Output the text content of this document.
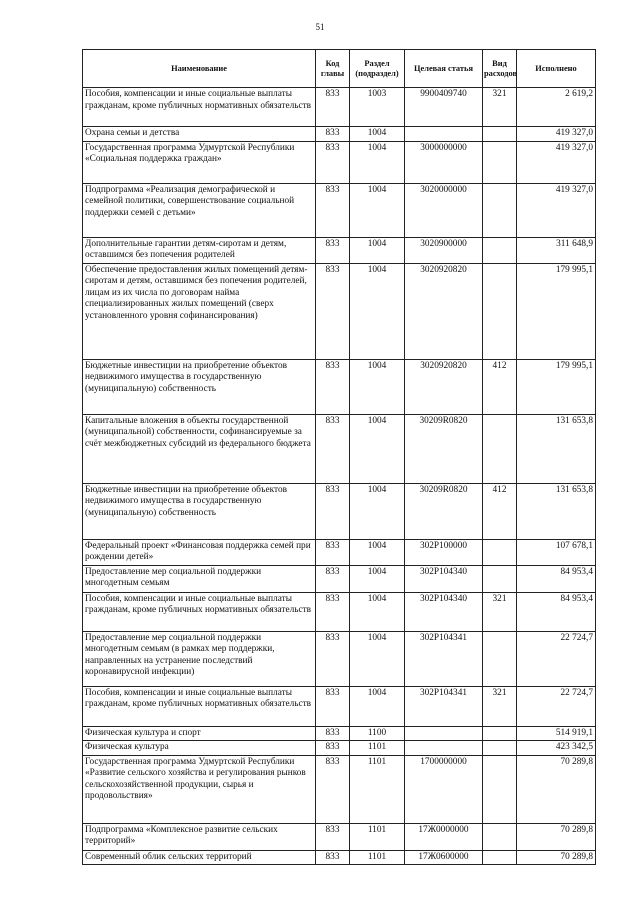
51
Наименование	Код главы	Раздел (подраздел)	Целевая статья	Вид расходов	Исполнено
Пособия, компенсации и иные социальные выплаты гражданам, кроме публичных нормативных обязательств	833	1003	9900409740	321	2 619,2
Охрана семьи и детства	833	1004			419 327,0
Государственная программа Удмуртской Республики «Социальная поддержка граждан»	833	1004	3000000000		419 327,0
Подпрограмма «Реализация демографической и семейной политики, совершенствование социальной поддержки семей с детьми»	833	1004	3020000000		419 327,0
Дополнительные гарантии детям-сиротам и детям, оставшимся без попечения родителей	833	1004	3020900000		311 648,9
Обеспечение предоставления жилых помещений детям-сиротам и детям, оставшимся без попечения родителей, лицам из их числа по договорам найма специализированных жилых помещений (сверх установленного уровня софинансирования)	833	1004	3020920820		179 995,1
Бюджетные инвестиции на приобретение объектов недвижимого имущества в государственную (муниципальную) собственность	833	1004	3020920820	412	179 995,1
Капитальные вложения в объекты государственной (муниципальной) собственности, софинансируемые за счёт межбюджетных субсидий из федерального бюджета	833	1004	30209R0820		131 653,8
Бюджетные инвестиции на приобретение объектов недвижимого имущества в государственную (муниципальную) собственность	833	1004	30209R0820	412	131 653,8
Федеральный проект «Финансовая поддержка семей при рождении детей»	833	1004	302P100000		107 678,1
Предоставление мер социальной поддержки многодетным семьям	833	1004	302P104340		84 953,4
Пособия, компенсации и иные социальные выплаты гражданам, кроме публичных нормативных обязательств	833	1004	302P104340	321	84 953,4
Предоставление мер социальной поддержки многодетным семьям (в рамках мер поддержки, направленных на устранение последствий коронавирусной инфекции)	833	1004	302P104341		22 724,7
Пособия, компенсации и иные социальные выплаты гражданам, кроме публичных нормативных обязательств	833	1004	302P104341	321	22 724,7
Физическая культура и спорт	833	1100			514 919,1
Физическая культура	833	1101			423 342,5
Государственная программа Удмуртской Республики «Развитие сельского хозяйства и регулирования рынков сельскохозяйственной продукции, сырья и продовольствия»	833	1101	1700000000		70 289,8
Подпрограмма «Комплексное развитие сельских территорий»	833	1101	17Ж0000000		70 289,8
Современный облик сельских территорий	833	1101	17Ж0600000		70 289,8
